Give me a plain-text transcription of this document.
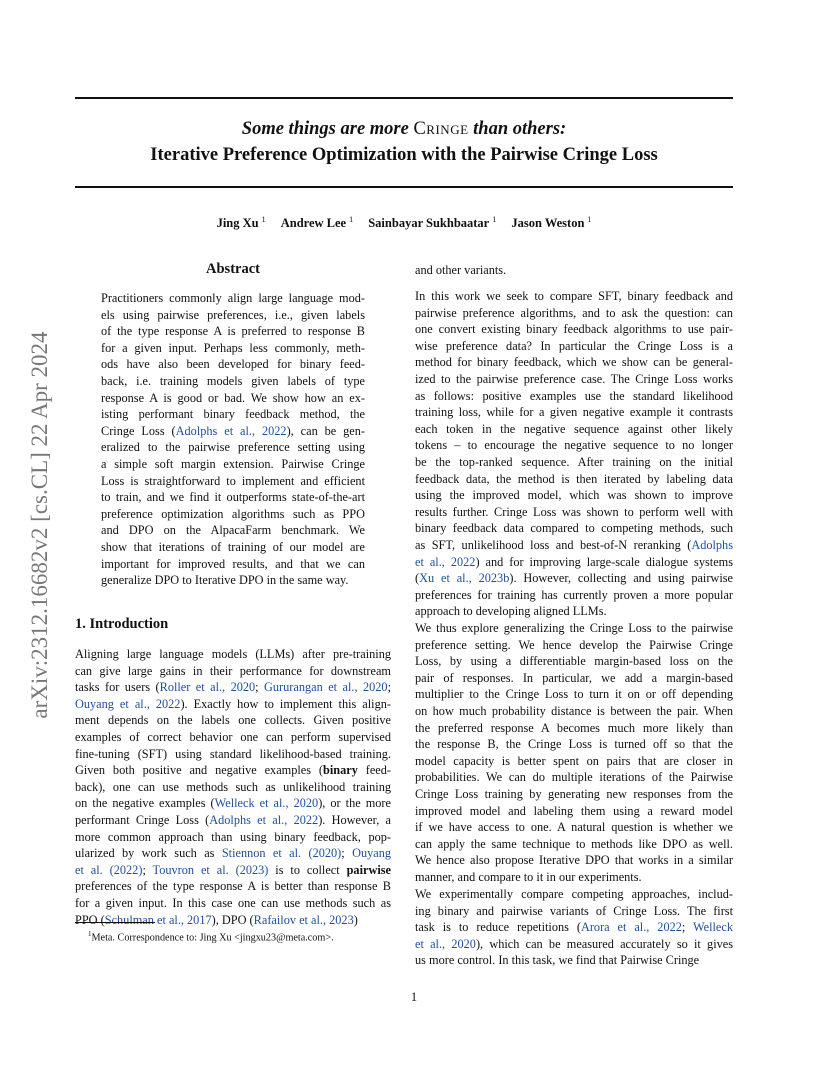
arXiv:2312.16682v2 [cs.CL] 22 Apr 2024
Some things are more Cringe than others:
Iterative Preference Optimization with the Pairwise Cringe Loss
Jing Xu $^1$ Andrew Lee $^1$ Sainbayar Sukhbaatar $^1$ Jason Weston $^1$
Abstract
Practitioners commonly align large language mod-
els using pairwise preferences, i.e., given labels
of the type response A is preferred to response B
for a given input. Perhaps less commonly, meth-
ods have also been developed for binary feed-
back, i.e. training models given labels of type
response A is good or bad. We show how an ex-
isting performant binary feedback method, the
Cringe Loss (Adolphs et al., 2022), can be gen-
eralized to the pairwise preference setting using
a simple soft margin extension. Pairwise Cringe
Loss is straightforward to implement and efficient
to train, and we find it outperforms state-of-the-art
preference optimization algorithms such as PPO
and DPO on the AlpacaFarm benchmark. We
show that iterations of training of our model are
important for improved results, and that we can
generalize DPO to Iterative DPO in the same way.
1. Introduction
Aligning large language models (LLMs) after pre-training
can give large gains in their performance for downstream
tasks for users (Roller et al., 2020; Gururangan et al., 2020;
Ouyang et al., 2022). Exactly how to implement this align-
ment depends on the labels one collects. Given positive
examples of correct behavior one can perform supervised
fine-tuning (SFT) using standard likelihood-based training.
Given both positive and negative examples (binary feed-
back), one can use methods such as unlikelihood training
on the negative examples (Welleck et al., 2020), or the more
performant Cringe Loss (Adolphs et al., 2022). However, a
more common approach than using binary feedback, pop-
ularized by work such as Stiennon et al. (2020); Ouyang
et al. (2022); Touvron et al. (2023) is to collect pairwise
preferences of the type response A is better than response B
for a given input. In this case one can use methods such as
PPO (Schulman et al., 2017), DPO (Rafailov et al., 2023)
and other variants.
In this work we seek to compare SFT, binary feedback and
pairwise preference algorithms, and to ask the question: can
one convert existing binary feedback algorithms to use pair-
wise preference data? In particular the Cringe Loss is a
method for binary feedback, which we show can be general-
ized to the pairwise preference case. The Cringe Loss works
as follows: positive examples use the standard likelihood
training loss, while for a given negative example it contrasts
each token in the negative sequence against other likely
tokens – to encourage the negative sequence to no longer
be the top-ranked sequence. After training on the initial
feedback data, the method is then iterated by labeling data
using the improved model, which was shown to improve
results further. Cringe Loss was shown to perform well with
binary feedback data compared to competing methods, such
as SFT, unlikelihood loss and best-of-N reranking (Adolphs
et al., 2022) and for improving large-scale dialogue systems
(Xu et al., 2023b). However, collecting and using pairwise
preferences for training has currently proven a more popular
approach to developing aligned LLMs.
We thus explore generalizing the Cringe Loss to the pairwise
preference setting. We hence develop the Pairwise Cringe
Loss, by using a differentiable margin-based loss on the
pair of responses. In particular, we add a margin-based
multiplier to the Cringe Loss to turn it on or off depending
on how much probability distance is between the pair. When
the preferred response A becomes much more likely than
the response B, the Cringe Loss is turned off so that the
model capacity is better spent on pairs that are closer in
probabilities. We can do multiple iterations of the Pairwise
Cringe Loss training by generating new responses from the
improved model and labeling them using a reward model
if we have access to one. A natural question is whether we
can apply the same technique to methods like DPO as well.
We hence also propose Iterative DPO that works in a similar
manner, and compare to it in our experiments.
We experimentally compare competing approaches, includ-
ing binary and pairwise variants of Cringe Loss. The first
task is to reduce repetitions (Arora et al., 2022; Welleck
et al., 2020), which can be measured accurately so it gives
us more control. In this task, we find that Pairwise Cringe
$^1$Meta. Correspondence to: Jing Xu <jingxu23@meta.com>.
1
